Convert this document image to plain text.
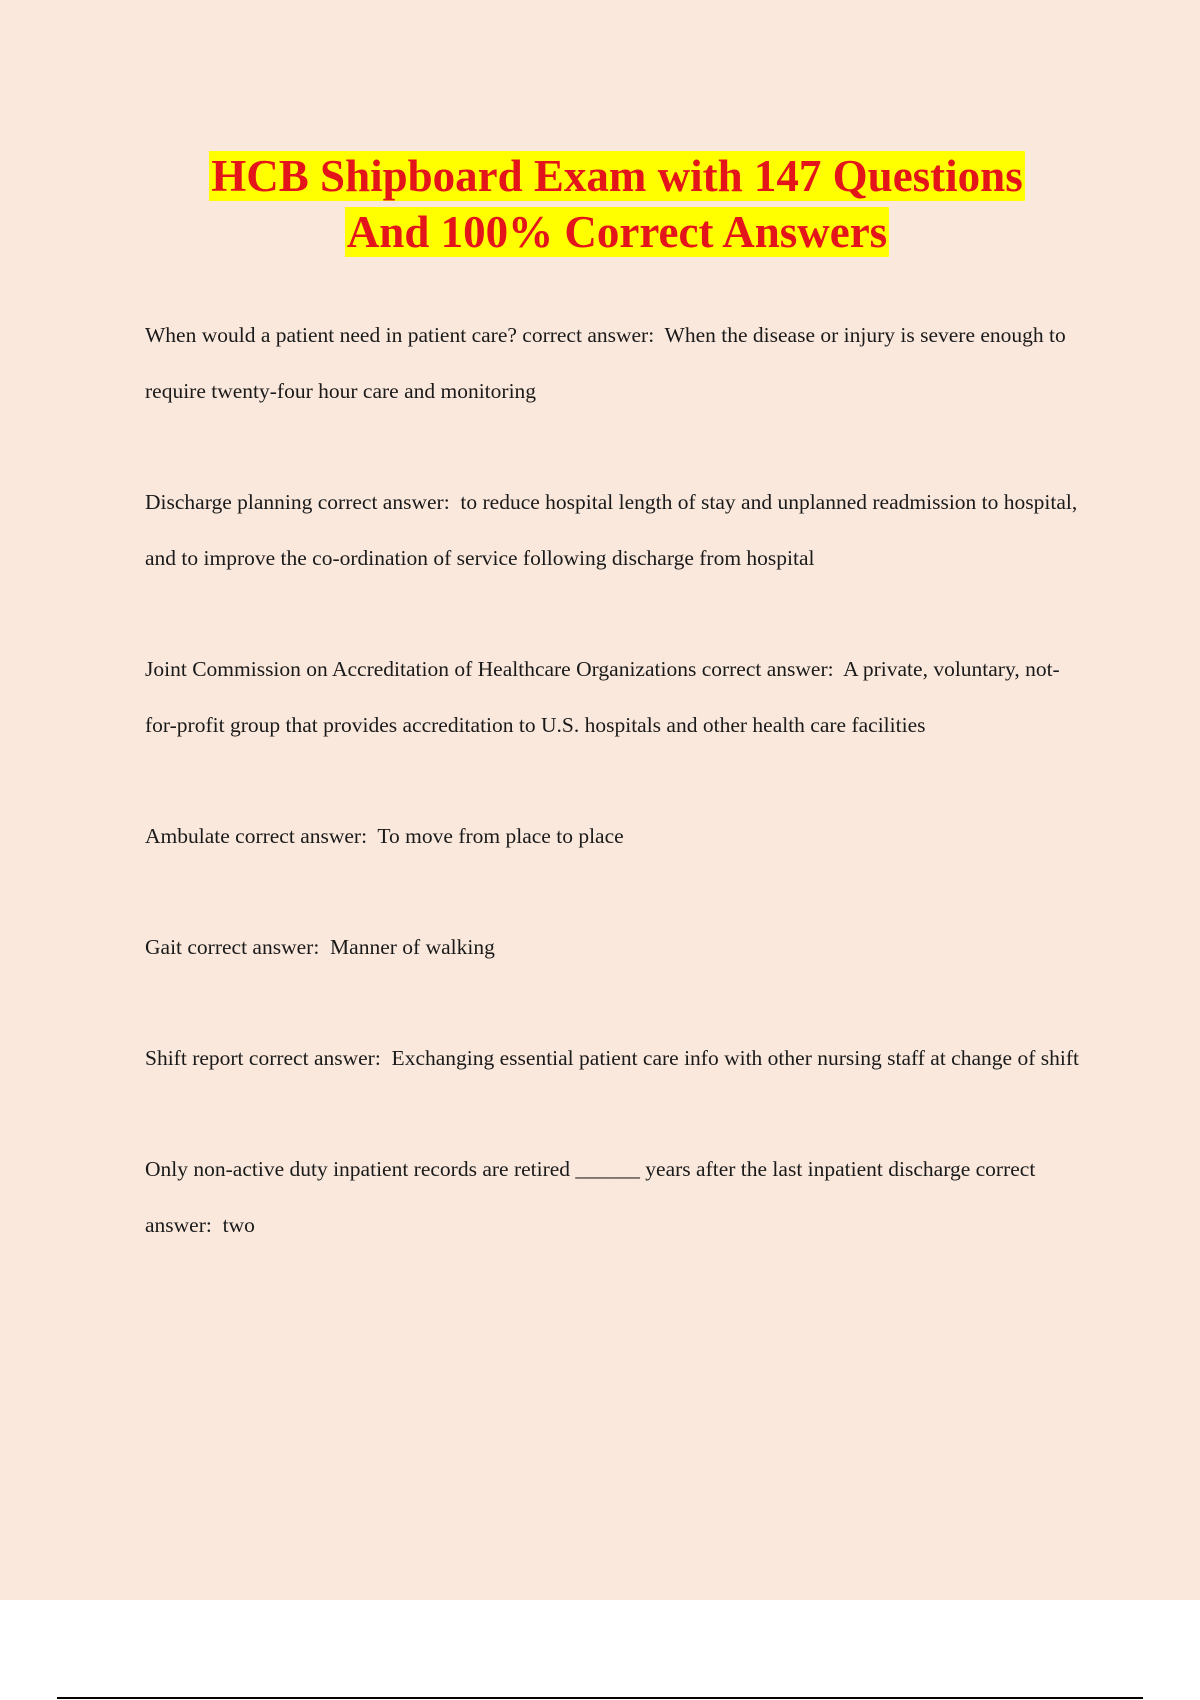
HCB Shipboard Exam with 147 Questions
And 100% Correct Answers

When would a patient need in patient care? correct answer:  When the disease or injury is severe enough to require twenty-four hour care and monitoring

Discharge planning correct answer:  to reduce hospital length of stay and unplanned readmission to hospital, and to improve the co-ordination of service following discharge from hospital

Joint Commission on Accreditation of Healthcare Organizations correct answer:  A private, voluntary, not-for-profit group that provides accreditation to U.S. hospitals and other health care facilities

Ambulate correct answer:  To move from place to place

Gait correct answer:  Manner of walking

Shift report correct answer:  Exchanging essential patient care info with other nursing staff at change of shift

Only non-active duty inpatient records are retired ______ years after the last inpatient discharge correct answer:  two
